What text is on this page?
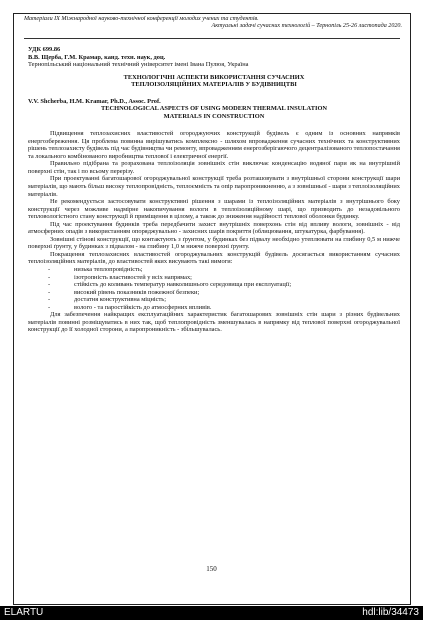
Матеріали IX Міжнародної науково-технічної конференції молодих учених та студентів.
Актуальні задачі сучасних технологій – Тернопіль 25-26 листопада 2020.
УДК 699.86
В.В. Щерба, Г.М. Крамар, канд. техн. наук, доц.
Тернопільський національний технічний університет імені Івана Пулюя, Україна
ТЕХНОЛОГІЧНІ АСПЕКТИ ВИКОРИСТАННЯ СУЧАСНИХ
ТЕПЛОІЗОЛЯЦІЙНИХ МАТЕРІАЛІВ У БУДІВНИЦТВІ
V.V. Shcherba, H.M. Kramar, Ph.D., Assoc. Prof.
TECHNOLOGICAL ASPECTS OF USING MODERN THERMAL INSULATION
MATERIALS IN CONSTRUCTION

Підвищення теплозахисних властивостей огороджуючих конструкцій будівель є одним із основних напрямків енергозбереження. Ця проблема повинна вирішуватись комплексно - шляхом впровадження сучасних технічних та конструктивних рішень теплозахисту будівель під час будівництва чи ремонту, впровадженням енергозберігаючого децентралізованого теплопостачання та локального комбінованого виробництва теплової і електричної енергії.

Правильно підібрана та розрахована теплоізоляція зовнішніх стін виключає конденсацію водяної пари як на внутрішній поверхні стін, так і по всьому перерізу.

При проектуванні багатошарової огороджувальної конструкції треба розташовувати з внутрішньої сторони конструкції шари матеріалів, що мають більш високу теплопровідність, теплоємність та опір паропроникненню, а з зовнішньої - шари з теплоізоляційних матеріалів.

Не рекомендується застосовувати конструктивні рішення з шарами із теплоізоляційних матеріалів з внутрішнього боку конструкції через можливе надмірне накопичування вологи в теплоізоляційному шарі, що призводить до незадовільного тепловологістного стану конструкції й приміщення в цілому, а також до зниження надійності теплової оболонки будинку.

Під час проектування будинків треба передбачити захист внутрішніх поверхонь стін від впливу вологи, зовнішніх - від атмосферних опадів з використанням опоряджувально - захисних шарів покриття (облицювання, штукатурка, фарбування).

Зовнішні стінові конструкції, що контактують з ґрунтом, у будинках без підвалу необхідно утеплювати на глибину 0,5 м нижче поверхні ґрунту, у будинках з підвалом - на глибину 1,0 м нижче поверхні ґрунту.

Покращення теплозахисних властивостей огороджувальних конструкцій будівель досягається використанням сучасних теплоізоляційних матеріалів, до властивостей яких висувають такі вимоги:

-	низька теплопровідність;
-	ізотропність властивостей у всіх напрямах;
-	стійкість до коливань температур навколишнього середовища при експлуатації;
-	високий рівень показників пожежної безпеки;
-	достатня конструктивна міцність;
-	волого - та паростійкість до атмосферних впливів.

Для забезпечення найкращих експлуатаційних характеристик багатошарових зовнішніх стін шари з різних будівельних матеріалів повинні розміщуватись в них так, щоб теплопровідність зменшувалась в напрямку від теплової поверхні огороджувальної конструкції до її холодної сторони, а паропроникність - збільшувалась.

150
ELARTU	hdl:lib/34473
